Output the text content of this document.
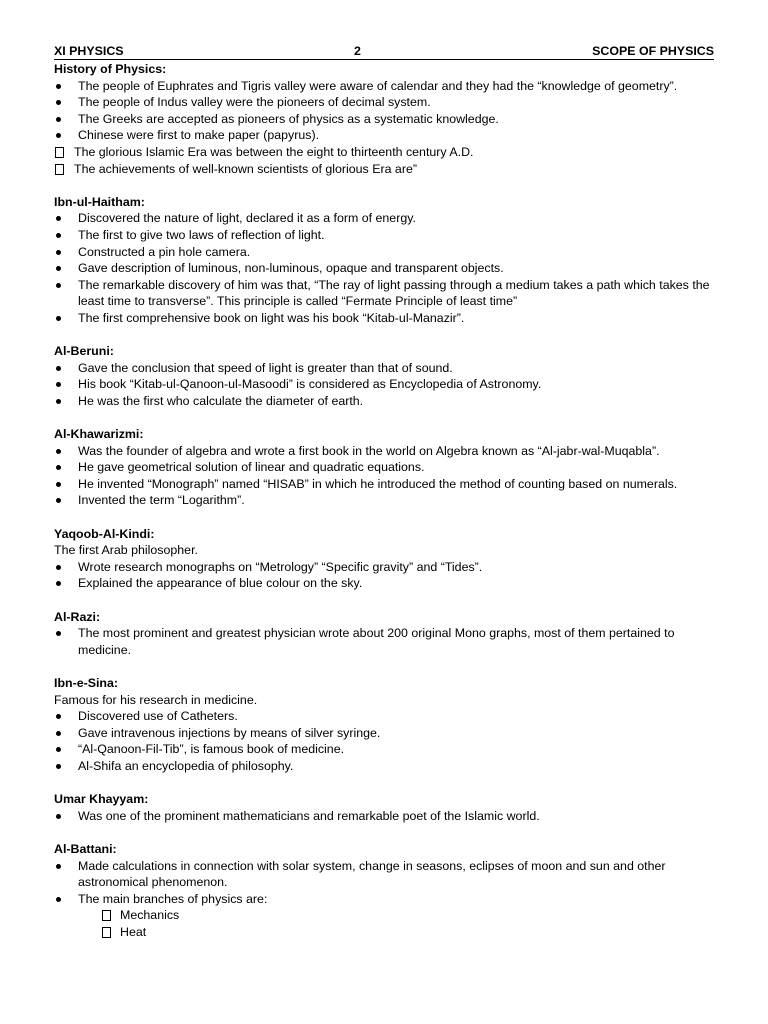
XI PHYSICS	2	SCOPE OF PHYSICS
History of Physics:
The people of Euphrates and Tigris valley were aware of calendar and they had the “knowledge of geometry”.
The people of Indus valley were the pioneers of decimal system.
The Greeks are accepted as pioneers of physics as a systematic knowledge.
Chinese were first to make paper (papyrus).
The glorious Islamic Era was between the eight to thirteenth century A.D.
The achievements of well-known scientists of glorious Era are”
Ibn-ul-Haitham:
Discovered the nature of light, declared it as a form of energy.
The first to give two laws of reflection of light.
Constructed a pin hole camera.
Gave description of luminous, non-luminous, opaque and transparent objects.
The remarkable discovery of him was that, “The ray of light passing through a medium takes a path which takes the least time to transverse”. This principle is called “Fermate Principle of least time”
The first comprehensive book on light was his book “Kitab-ul-Manazir”.
Al-Beruni:
Gave the conclusion that speed of light is greater than that of sound.
His book “Kitab-ul-Qanoon-ul-Masoodi” is considered as Encyclopedia of Astronomy.
He was the first who calculate the diameter of earth.
Al-Khawarizmi:
Was the founder of algebra and wrote a first book in the world on Algebra known as “Al-jabr-wal-Muqabla”.
He gave geometrical solution of linear and quadratic equations.
He invented “Monograph” named “HISAB” in which he introduced the method of counting based on numerals.
Invented the term “Logarithm”.
Yaqoob-Al-Kindi:
The first Arab philosopher.
Wrote research monographs on “Metrology” “Specific gravity” and “Tides”.
Explained the appearance of blue colour on the sky.
Al-Razi:
The most prominent and greatest physician wrote about 200 original Mono graphs, most of them pertained to medicine.
Ibn-e-Sina:
Famous for his research in medicine.
Discovered use of Catheters.
Gave intravenous injections by means of silver syringe.
“Al-Qanoon-Fil-Tib”, is famous book of medicine.
Al-Shifa an encyclopedia of philosophy.
Umar Khayyam:
Was one of the prominent mathematicians and remarkable poet of the Islamic world.
Al-Battani:
Made calculations in connection with solar system, change in seasons, eclipses of moon and sun and other astronomical phenomenon.
The main branches of physics are:
Mechanics
Heat
